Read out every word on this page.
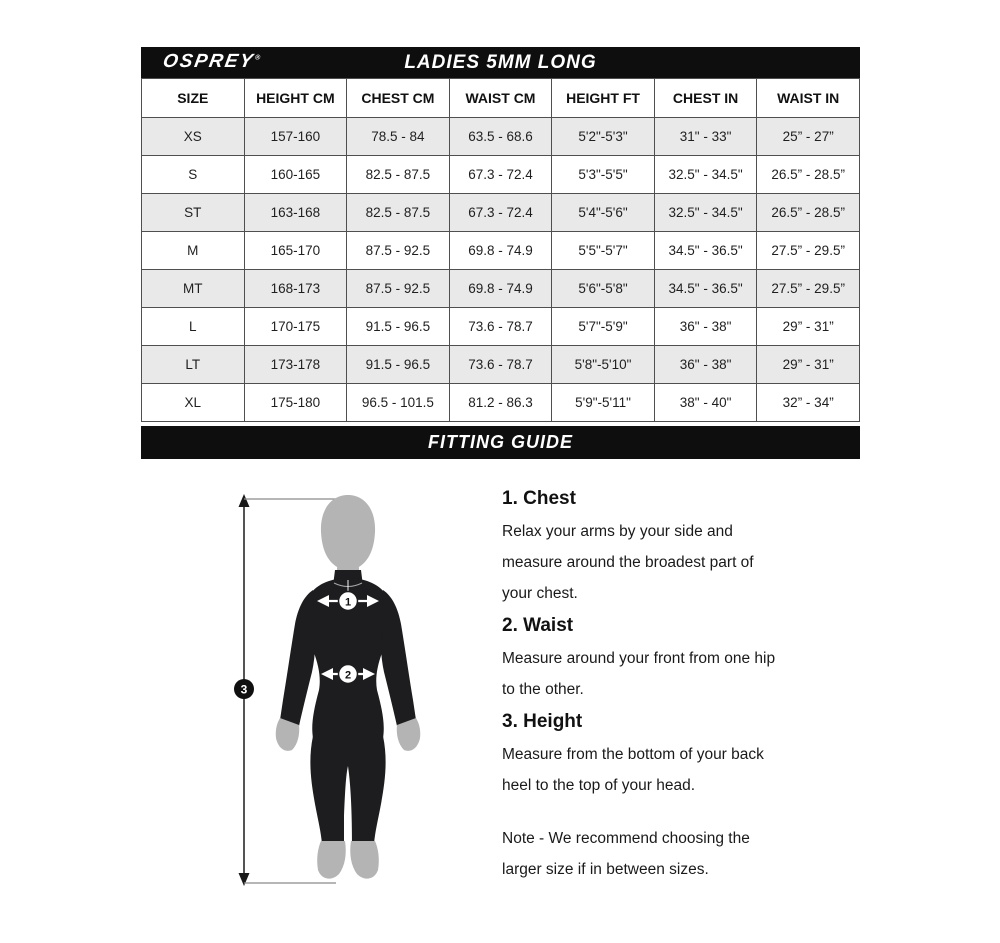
OSPREY®	LADIES 5MM LONG
SIZE	HEIGHT CM	CHEST CM	WAIST CM	HEIGHT FT	CHEST IN	WAIST IN
XS	157-160	78.5 - 84	63.5 - 68.6	5'2"-5'3"	31" - 33"	25” - 27”
S	160-165	82.5 - 87.5	67.3 - 72.4	5'3"-5'5"	32.5" - 34.5"	26.5” - 28.5”
ST	163-168	82.5 - 87.5	67.3 - 72.4	5'4"-5'6"	32.5" - 34.5"	26.5” - 28.5”
M	165-170	87.5 - 92.5	69.8 - 74.9	5'5"-5'7"	34.5" - 36.5"	27.5” - 29.5”
MT	168-173	87.5 - 92.5	69.8 - 74.9	5'6"-5'8"	34.5" - 36.5"	27.5” - 29.5”
L	170-175	91.5 - 96.5	73.6 - 78.7	5'7"-5'9"	36" - 38"	29” - 31”
LT	173-178	91.5 - 96.5	73.6 - 78.7	5'8"-5'10"	36" - 38"	29” - 31”
XL	175-180	96.5 - 101.5	81.2 - 86.3	5'9"-5'11"	38" - 40"	32” - 34”
FITTING GUIDE
3
1
2
1. Chest
Relax your arms by your side and measure around the broadest part of your chest.
2. Waist
Measure around your front from one hip to the other.
3. Height
Measure from the bottom of your back heel to the top of your head.
Note - We recommend choosing the larger size if in between sizes.
